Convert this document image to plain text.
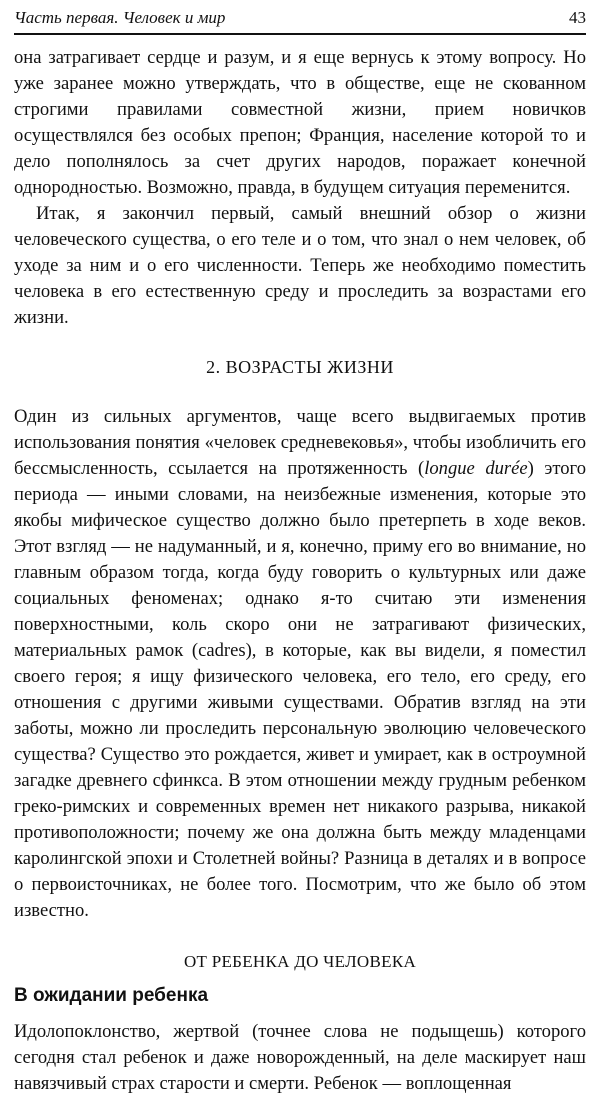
Часть первая. Человек и мир	43

она затрагивает сердце и разум, и я еще вернусь к этому вопросу. Но уже заранее можно утверждать, что в обществе, еще не скованном строгими правилами совместной жизни, прием новичков осуществлялся без особых препон; Франция, население которой то и дело пополнялось за счет других народов, поражает конечной однородностью. Возможно, правда, в будущем ситуация переменится.

Итак, я закончил первый, самый внешний обзор о жизни человеческого существа, о его теле и о том, что знал о нем человек, об уходе за ним и о его численности. Теперь же необходимо поместить человека в его естественную среду и проследить за возрастами его жизни.

2. ВОЗРАСТЫ ЖИЗНИ

Один из сильных аргументов, чаще всего выдвигаемых против использования понятия «человек средневековья», чтобы изобличить его бессмысленность, ссылается на протяженность (longue durée) этого периода — иными словами, на неизбежные изменения, которые это якобы мифическое существо должно было претерпеть в ходе веков. Этот взгляд — не надуманный, и я, конечно, приму его во внимание, но главным образом тогда, когда буду говорить о культурных или даже социальных феноменах; однако я-то считаю эти изменения поверхностными, коль скоро они не затрагивают физических, материальных рамок (cadres), в которые, как вы видели, я поместил своего героя; я ищу физического человека, его тело, его среду, его отношения с другими живыми существами. Обратив взгляд на эти заботы, можно ли проследить персональную эволюцию человеческого существа? Существо это рождается, живет и умирает, как в остроумной загадке древнего сфинкса. В этом отношении между грудным ребенком греко-римских и современных времен нет никакого разрыва, никакой противоположности; почему же она должна быть между младенцами каролингской эпохи и Столетней войны? Разница в деталях и в вопросе о первоисточниках, не более того. Посмотрим, что же было об этом известно.

ОТ РЕБЕНКА ДО ЧЕЛОВЕКА
В ожидании ребенка

Идолопоклонство, жертвой (точнее слова не подыщешь) которого сегодня стал ребенок и даже новорожденный, на деле маскирует наш навязчивый страх старости и смерти. Ребенок — воплощенная
